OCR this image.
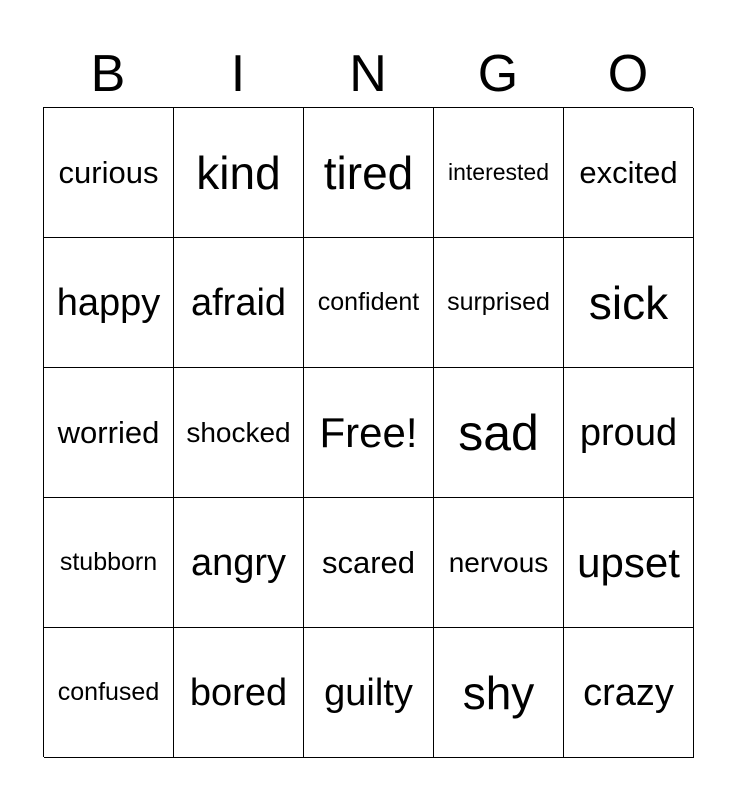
B	I	N	G	O
curious kind tired interested excited
happy afraid confident surprised sick
worried shocked Free! sad proud
stubborn angry scared nervous upset
confused bored guilty shy crazy
